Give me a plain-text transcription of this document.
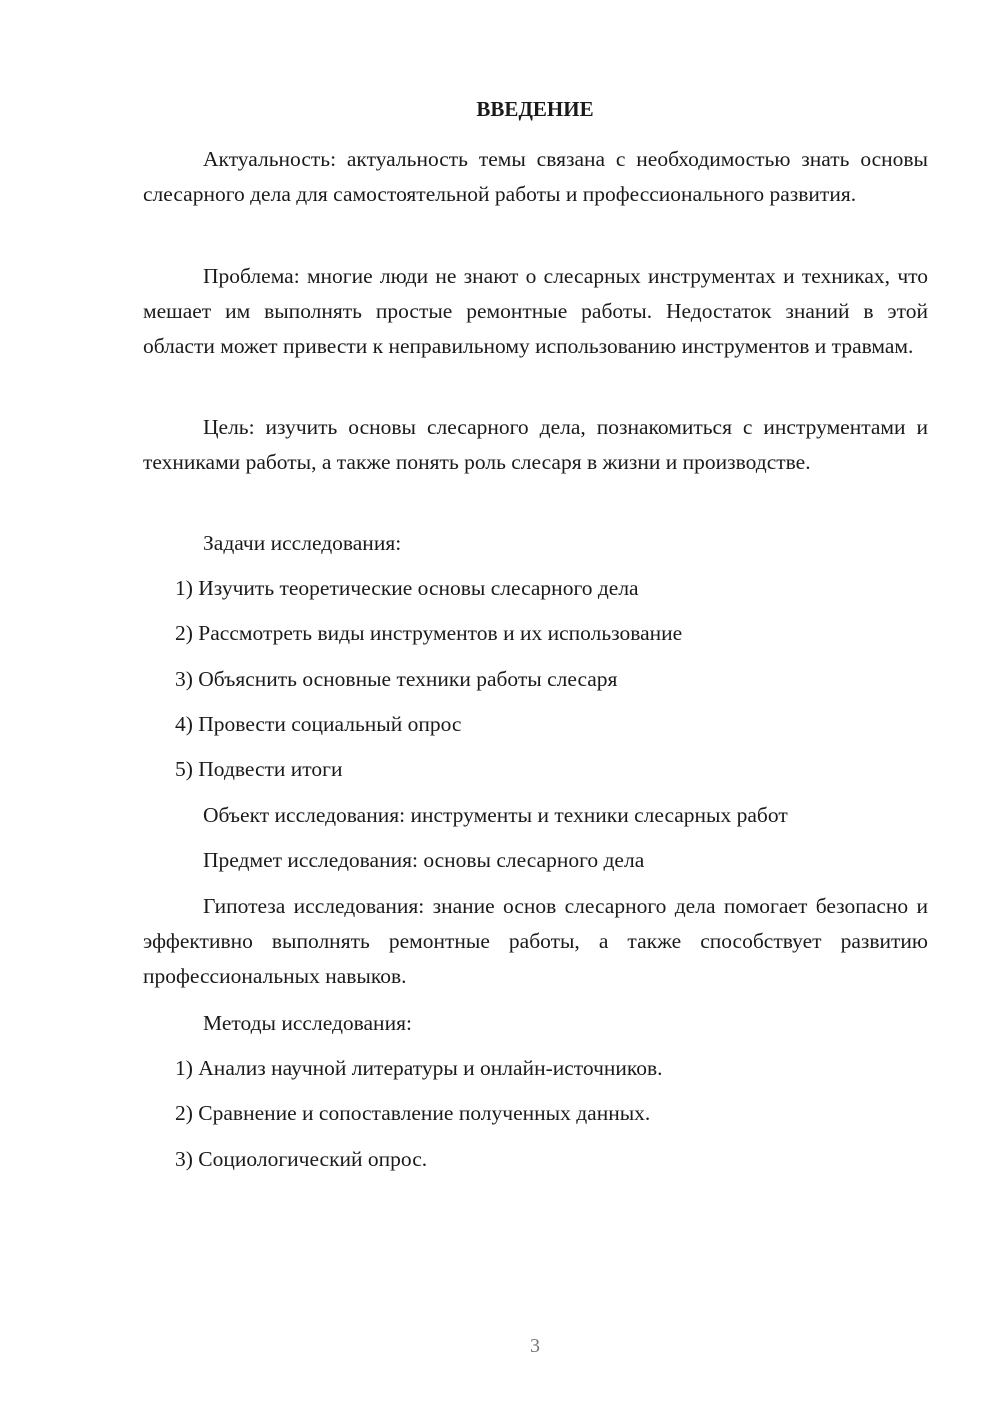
ВВЕДЕНИЕ

Актуальность: актуальность темы связана с необходимостью знать основы слесарного дела для самостоятельной работы и профессионального развития.

Проблема: многие люди не знают о слесарных инструментах и техниках, что мешает им выполнять простые ремонтные работы. Недостаток знаний в этой области может привести к неправильному использованию инструментов и травмам.

Цель: изучить основы слесарного дела, познакомиться с инструментами и техниками работы, а также понять роль слесаря в жизни и производстве.

Задачи исследования:

1) Изучить теоретические основы слесарного дела

2) Рассмотреть виды инструментов и их использование

3) Объяснить основные техники работы слесаря

4) Провести социальный опрос

5) Подвести итоги

Объект исследования: инструменты и техники слесарных работ

Предмет исследования: основы слесарного дела

Гипотеза исследования: знание основ слесарного дела помогает безопасно и эффективно выполнять ремонтные работы, а также способствует развитию профессиональных навыков.

Методы исследования:

1) Анализ научной литературы и онлайн-источников.

2) Сравнение и сопоставление полученных данных.

3) Социологический опрос.

3
